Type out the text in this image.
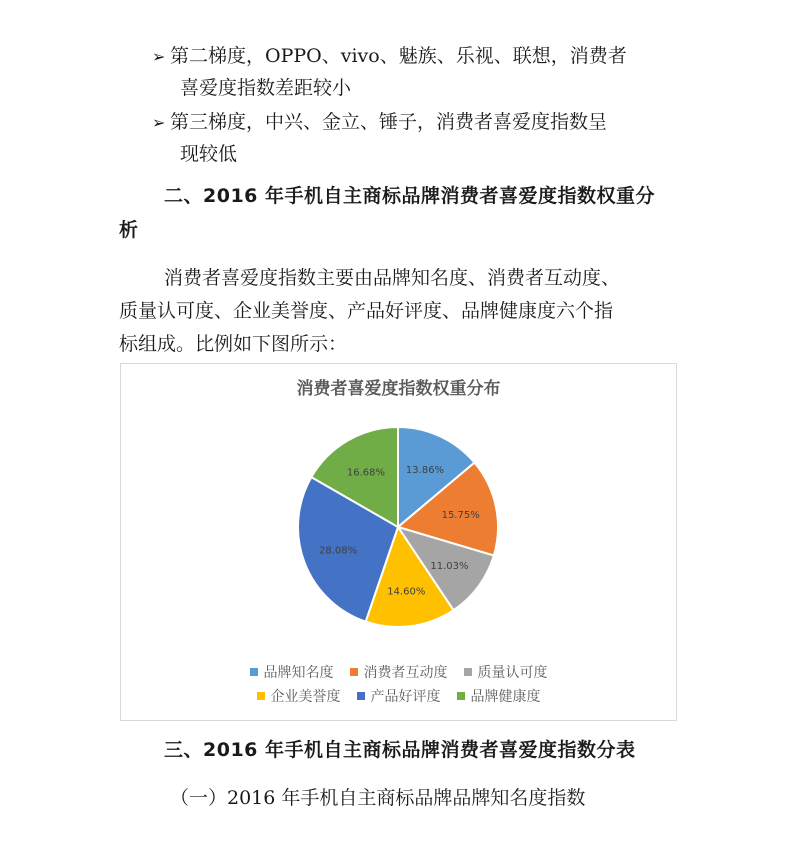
➢ 第二梯度，OPPO、vivo、魅族、乐视、联想，消费者
喜爱度指数差距较小
➢ 第三梯度，中兴、金立、锤子，消费者喜爱度指数呈
现较低
二、2016 年手机自主商标品牌消费者喜爱度指数权重分
析
消费者喜爱度指数主要由品牌知名度、消费者互动度、
质量认可度、企业美誉度、产品好评度、品牌健康度六个指
标组成。比例如下图所示：
消费者喜爱度指数权重分布
13.86%
15.75%
11.03%
14.60%
28.08%
16.68%
品牌知名度 消费者互动度 质量认可度
企业美誉度 产品好评度 品牌健康度
三、2016 年手机自主商标品牌消费者喜爱度指数分表
（一）2016 年手机自主商标品牌品牌知名度指数
